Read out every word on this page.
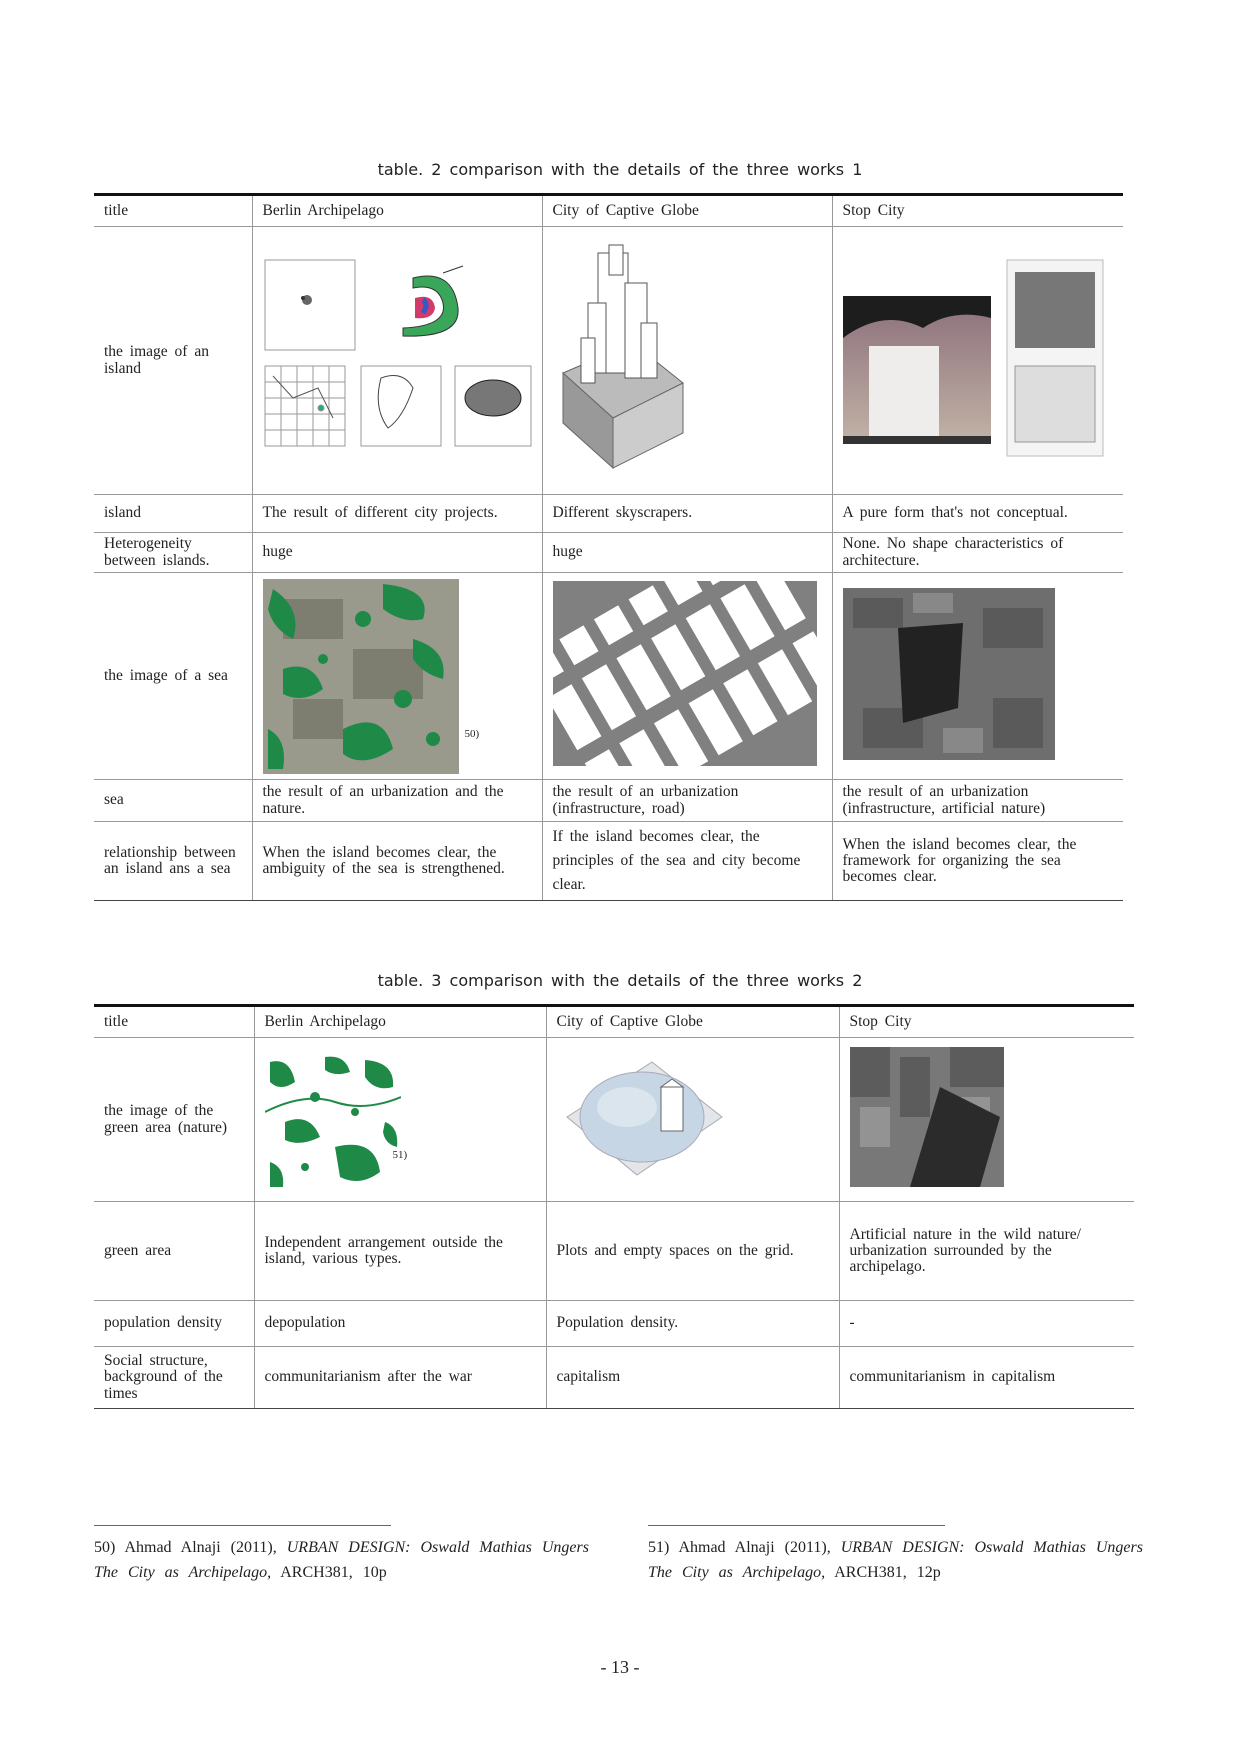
table. 2 comparison with the details of the three works 1
title	Berlin Archipelago	City of Captive Globe	Stop City
the image of an island			
island	The result of different city projects.	Different skyscrapers.	A pure form that's not conceptual.
Heterogeneity between islands.	huge	huge	None. No shape characteristics of architecture.
the image of a sea	50)

sea	the result of an urbanization and the nature.	the result of an urbanization (infrastructure, road)	the result of an urbanization (infrastructure, artificial nature)
relationship between an island ans a sea	When the island becomes clear, the ambiguity of the sea is strengthened.	If the island becomes clear, the principles of the sea and city become clear.	When the island becomes clear, the framework for organizing the sea becomes clear.
table. 3 comparison with the details of the three works 2
title	Berlin Archipelago	City of Captive Globe	Stop City
the image of the green area (nature)	51)

green area	Independent arrangement outside the island, various types.	Plots and empty spaces on the grid.	Artificial nature in the wild nature/ urbanization surrounded by the archipelago.
population density	depopulation	Population density.	-
Social structure, background of the times	communitarianism after the war	capitalism	communitarianism in capitalism
50) Ahmad Alnaji (2011), URBAN DESIGN: Oswald Mathias Ungers
The City as Archipelago, ARCH381, 10p
51) Ahmad Alnaji (2011), URBAN DESIGN: Oswald Mathias Ungers
The City as Archipelago, ARCH381, 12p
- 13 -
